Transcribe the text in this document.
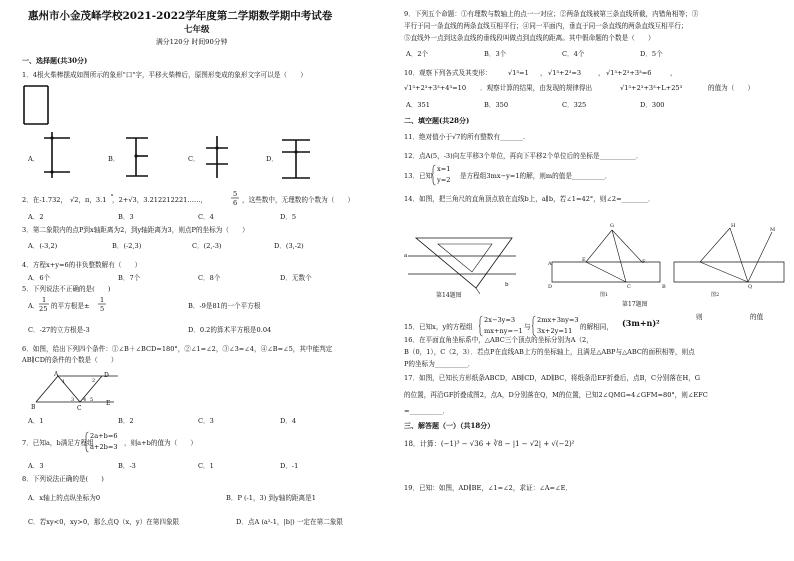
惠州市小金茂峄学校2021-2022学年度第二学期数学期中考试卷
七年级
满分120分 时间90分钟
一、选择题(共30分)
1．4根火柴棒摆成如图所示的象形"口"字，平移火柴棒后，原图形变成的象形文字可以是（　　）
A．	B．	C．	D．
2．在-1.732， √2，π，3.1 ，2+√3，3.212212221……，
5
6 ，这些数中，无理数的个数为（　　）
A．2	B．3	C．4	D．5
3．第二象限内的点P到x轴距离为2，到y轴距离为3，则点P的坐标为（　　）
A．(-3,2)	B．(-2,3)	C．(2,-3)	D．(3,-2)
4．方程x+y=6的非负整数解有（　　）
A．6个	B．7个	C．8个	D．无数个
5．下列说法不正确的是(　　)
A．
1
25 的平方根是±
1
5	B．-9是81的一个平方根
C．-27的立方根是-3	D．0.2的算术平方根是0.04
6．如图，给出下列四个条件：①∠B＋∠BCD=180°，②∠1=∠2，③∠3=∠4，④∠B=∠5，其中能判定
AB∥CD的条件的个数是（　　）
A	D
B	C
E
1	2
3 4 5
A．1	B．2	C．3	D．4
7．已知a，b满足方程组
2a+b=6
a+2b=3 ，则a+b的值为（　　）
A．3	B．-3	C．1	D．-1
8．下列说法正确的是(　　)
A．x轴上的点纵坐标为0	B．P (-1，3) 到y轴的距离是1
C．若xy<0，xy>0，那么点Q（x，y）在第四象限	D．点A (a²-1，|b|) 一定在第二象限
9．下列五个命题：①有理数与数轴上的点一一对应；②两条直线被第三条直线所截，内错角相等；③
平行于同一条直线的两条直线互相平行；④同一平面内，垂直于同一条直线的两条直线互相平行；
⑤直线外一点到这条直线的垂线段叫做点到直线的距离。其中假命题的个数是（　　）
A．2个	B．3个	C．4个	D．5个
10．观察下列各式及其变形： √1³=1 ， √1³+2³=3	， √1³+2³+3³=6	，
√1³+2³+3³+4³=10 ．观察计算的结果，由发现的规律得出	√1³+2³+3³+L+25³	的值为（　　）
A．351	B．350	C．325	D．300
二、填空题(共28分)
11．绝对值小于√7的所有整数有_______.
12．点A(5，-3)向左平移3个单位，再向下平移2个单位后的坐标是___________．
13．已知
x=1
y=2 是方程组3mx−y=1的解，则m的值是__________．
14．如图，把三角尺的直角顶点放在直线b上，a∥b，若∠1=42°，则∠2=________．
a
b
第14题图
A
B
C
D
E	F
G	H
M
Q
图1	图2
第17题图
15．已知x，y的方程组
2x−3y=3
mx+ny=−1 与
2mx+3ny=3
3x+2y=11 的解相同， (3m+n)²
则	的值
16．在平面直角坐标系中，△ABC三个顶点的坐标分别为A（2，
B（0，1），C（2，3）．若点P在直线AB上方的坐标轴上，且满足△ABP与△ABC的面积相等，则点
P的坐标为__________．
17．如图，已知长方形纸条ABCD，AB∥CD，AD∥BC，将纸条沿EF折叠后，点B，C分别落在H，G
的位置，再沿GF折叠成图2，点A，D分别落在Q，M的位置，已知2∠QMG=4∠GFM=80°，则∠EFC
=__________．
三、解答题（一）（共18分）
18．计算：(−1)³ − √36 + ∛8 − |1 − √2| + √(−2)²
19．已知：如图，AD∥BE，∠1=∠2，求证：∠A=∠E．
